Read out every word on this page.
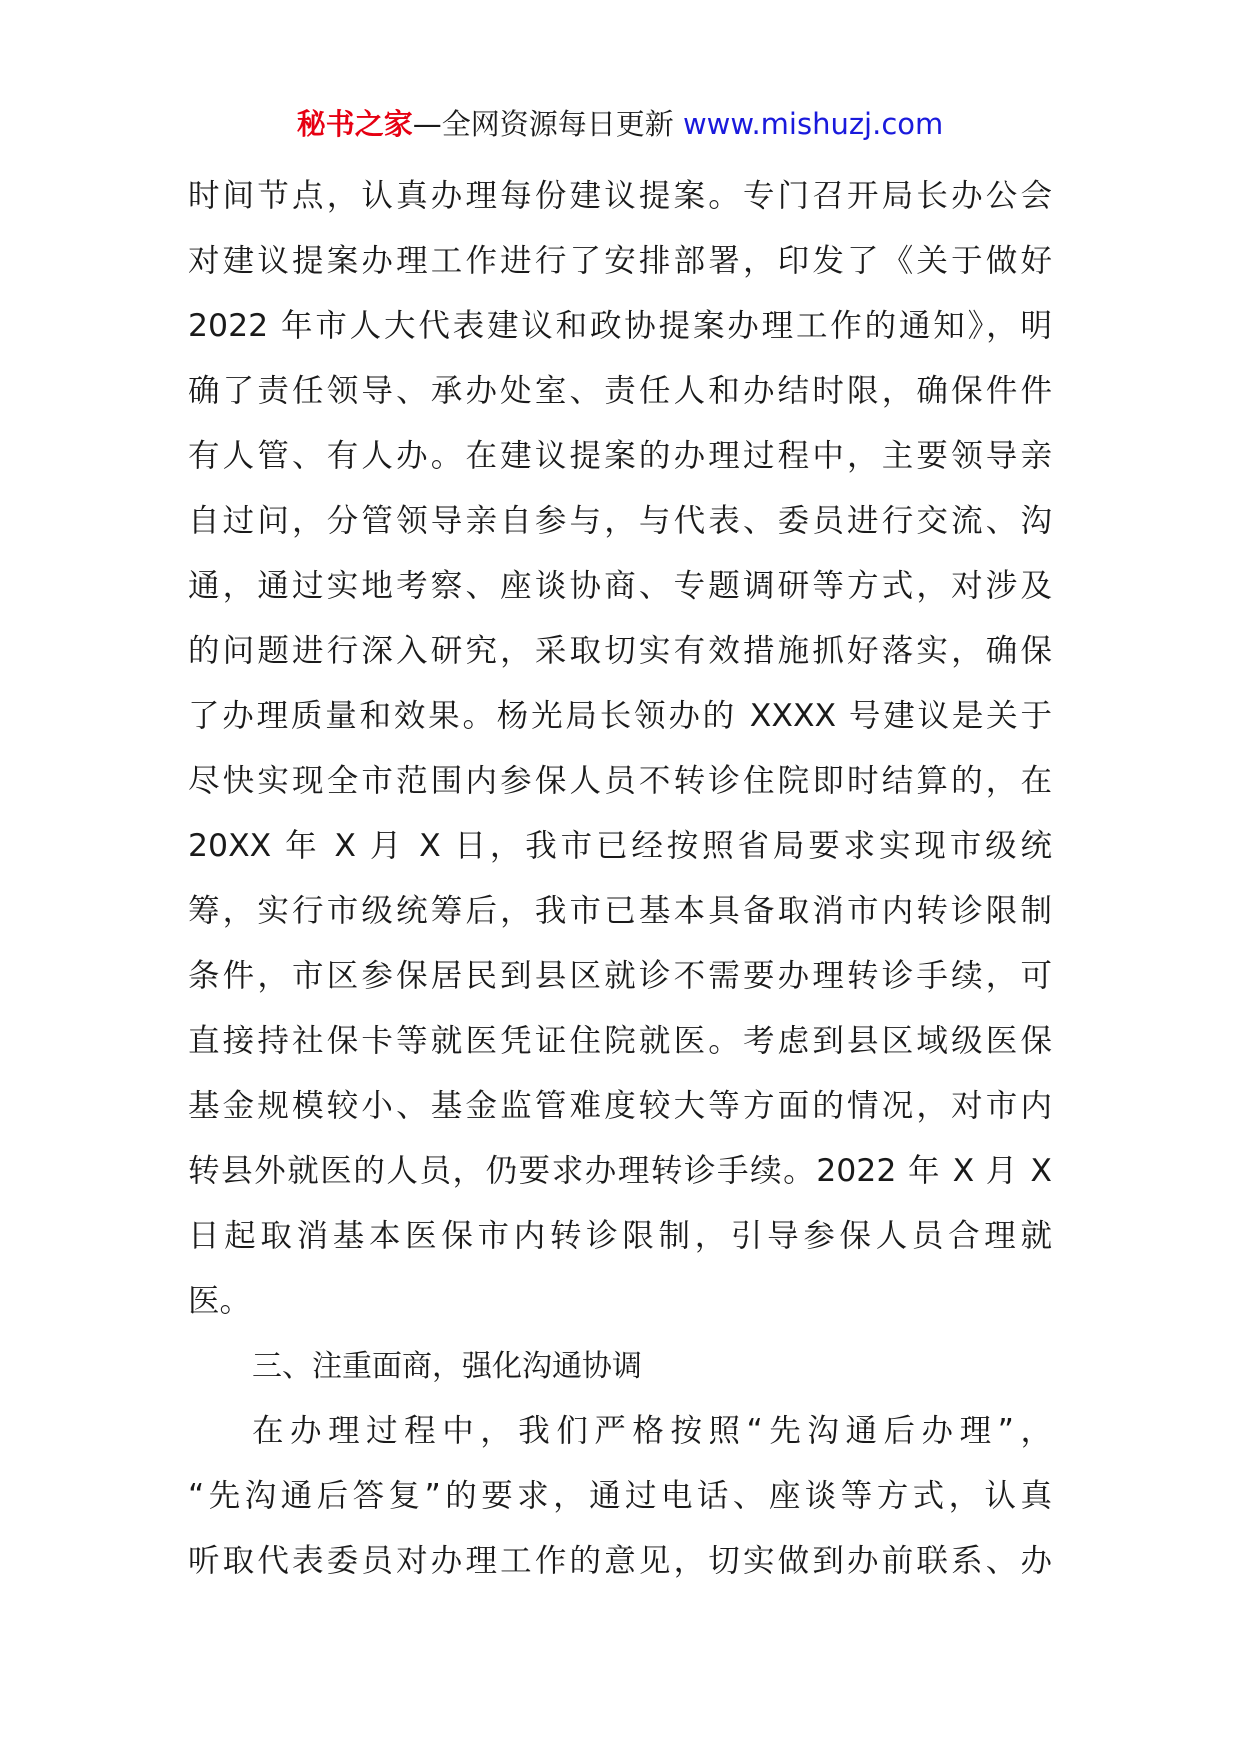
秘书之家—全网资源每日更新 www.mishuzj.com
时间节点，认真办理每份建议提案。专门召开局长办公会
对建议提案办理工作进行了安排部署，印发了《关于做好
2022 年市人大代表建议和政协提案办理工作的通知》，明
确了责任领导、承办处室、责任人和办结时限，确保件件
有人管、有人办。在建议提案的办理过程中，主要领导亲
自过问，分管领导亲自参与，与代表、委员进行交流、沟
通，通过实地考察、座谈协商、专题调研等方式，对涉及
的问题进行深入研究，采取切实有效措施抓好落实，确保
了办理质量和效果。杨光局长领办的 XXXX 号建议是关于
尽快实现全市范围内参保人员不转诊住院即时结算的，在
20XX 年 X 月 X 日，我市已经按照省局要求实现市级统
筹，实行市级统筹后，我市已基本具备取消市内转诊限制
条件，市区参保居民到县区就诊不需要办理转诊手续，可
直接持社保卡等就医凭证住院就医。考虑到县区域级医保
基金规模较小、基金监管难度较大等方面的情况，对市内
转县外就医的人员，仍要求办理转诊手续。2022 年 X 月 X
日起取消基本医保市内转诊限制，引导参保人员合理就
医。
三、注重面商，强化沟通协调
在办理过程中，我们严格按照“先沟通后办理”，
“先沟通后答复”的要求，通过电话、座谈等方式，认真
听取代表委员对办理工作的意见，切实做到办前联系、办
